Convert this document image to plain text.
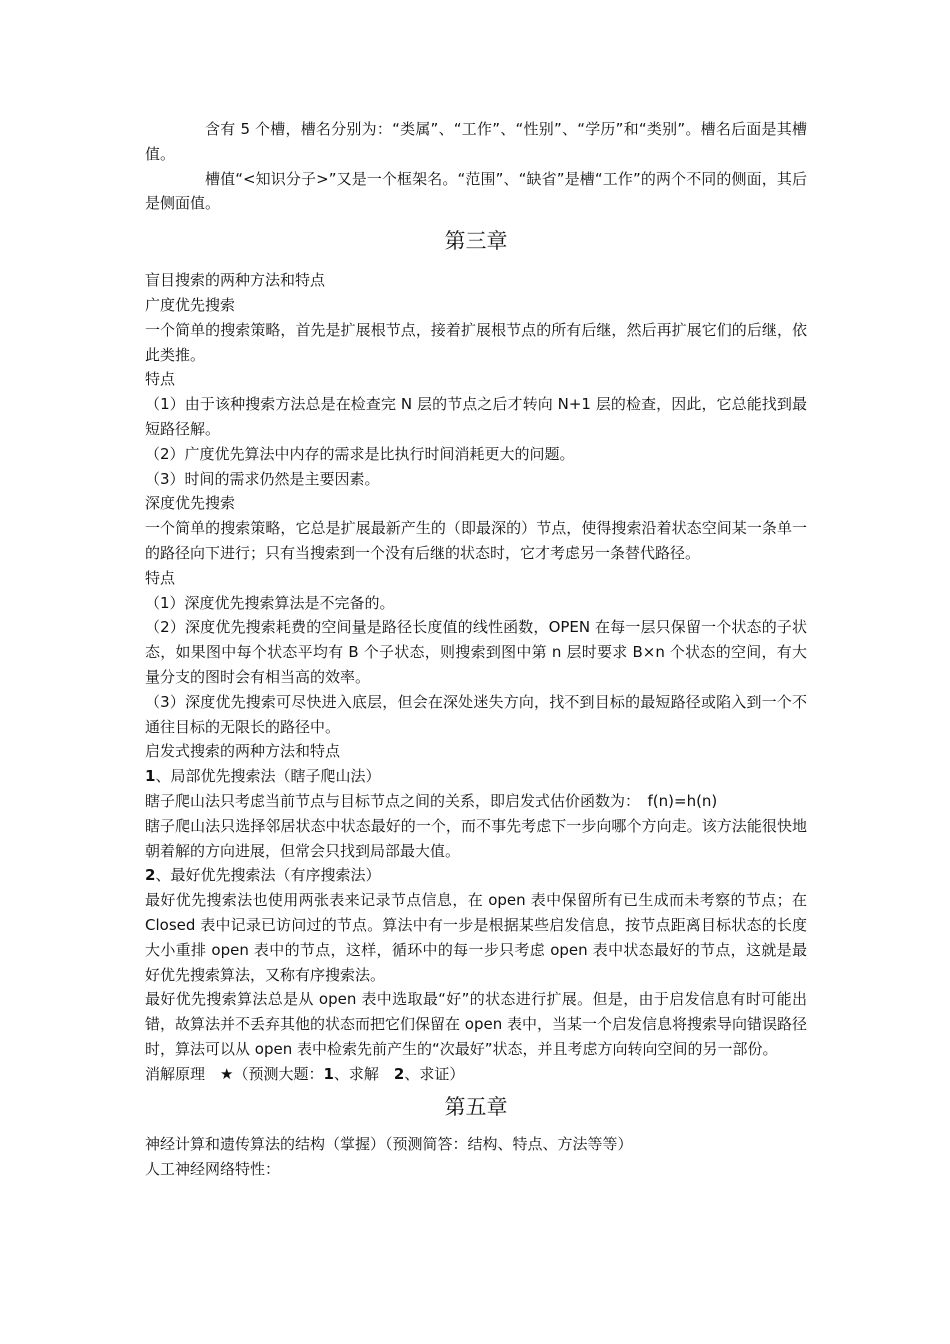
含有 5 个槽，槽名分别为：“类属”、“工作”、“性别”、“学历”和“类别”。槽名后面是其槽值。

槽值“<知识分子>”又是一个框架名。“范围”、“缺省”是槽“工作”的两个不同的侧面，其后是侧面值。

第三章

盲目搜索的两种方法和特点

广度优先搜索

一个简单的搜索策略，首先是扩展根节点，接着扩展根节点的所有后继，然后再扩展它们的后继，依此类推。

特点

（1）由于该种搜索方法总是在检查完 N 层的节点之后才转向 N+1 层的检查，因此，它总能找到最短路径解。

（2）广度优先算法中内存的需求是比执行时间消耗更大的问题。

（3）时间的需求仍然是主要因素。

深度优先搜索

一个简单的搜索策略，它总是扩展最新产生的（即最深的）节点，使得搜索沿着状态空间某一条单一的路径向下进行；只有当搜索到一个没有后继的状态时，它才考虑另一条替代路径。

特点

（1）深度优先搜索算法是不完备的。

（2）深度优先搜索耗费的空间量是路径长度值的线性函数，OPEN 在每一层只保留一个状态的子状态，如果图中每个状态平均有 B 个子状态，则搜索到图中第 n 层时要求 B×n 个状态的空间，有大量分支的图时会有相当高的效率。

（3）深度优先搜索可尽快进入底层，但会在深处迷失方向，找不到目标的最短路径或陷入到一个不通往目标的无限长的路径中。

启发式搜索的两种方法和特点

1、局部优先搜索法（瞎子爬山法）

瞎子爬山法只考虑当前节点与目标节点之间的关系，即启发式估价函数为：　f(n)=h(n)

瞎子爬山法只选择邻居状态中状态最好的一个，而不事先考虑下一步向哪个方向走。该方法能很快地朝着解的方向进展，但常会只找到局部最大值。

2、最好优先搜索法（有序搜索法）

最好优先搜索法也使用两张表来记录节点信息，在 open 表中保留所有已生成而未考察的节点；在 Closed 表中记录已访问过的节点。算法中有一步是根据某些启发信息，按节点距离目标状态的长度大小重排 open 表中的节点，这样，循环中的每一步只考虑 open 表中状态最好的节点，这就是最好优先搜索算法，又称有序搜索法。

最好优先搜索算法总是从 open 表中选取最“好”的状态进行扩展。但是，由于启发信息有时可能出错，故算法并不丢弃其他的状态而把它们保留在 open 表中，当某一个启发信息将搜索导向错误路径时，算法可以从 open 表中检索先前产生的“次最好”状态，并且考虑方向转向空间的另一部份。

消解原理　★（预测大题：1、求解　2、求证）

第五章

神经计算和遗传算法的结构（掌握）（预测简答：结构、特点、方法等等）

人工神经网络特性：
